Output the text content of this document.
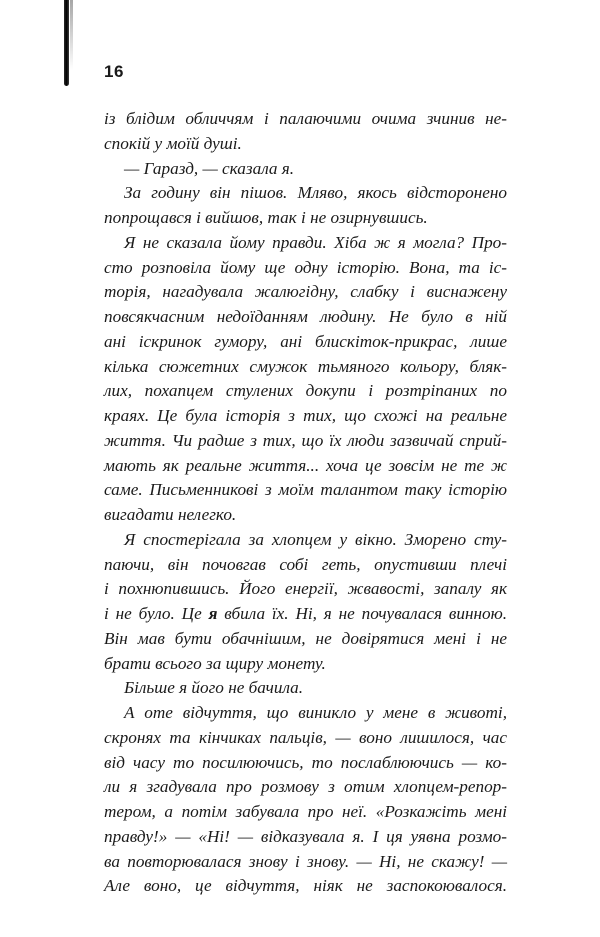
16
із блідим обличчям і палаючими очима зчинив не-
спокій у моїй душі.
— Гаразд, — сказала я.
За годину він пішов. Мляво, якось відсторонено
попрощався і вийшов, так і не озирнувшись.
Я не сказала йому правди. Хіба ж я могла? Про-
сто розповіла йому ще одну історію. Вона, та іс-
торія, нагадувала жалюгідну, слабку і виснажену
повсякчасним недоїданням людину. Не було в ній
ані іскринок гумору, ані блискіток-прикрас, лише
кілька сюжетних смужок тьмяного кольору, бляк-
лих, похапцем стулених докупи і розтріпаних по
краях. Це була історія з тих, що схожі на реальне
життя. Чи радше з тих, що їх люди зазвичай сприй-
мають як реальне життя... хоча це зовсім не те ж
саме. Письменникові з моїм талантом таку історію
вигадати нелегко.
Я спостерігала за хлопцем у вікно. Зморено сту-
паючи, він почовгав собі геть, опустивши плечі
і похнюпившись. Його енергії, жвавості, запалу як
і не було. Це я вбила їх. Ні, я не почувалася винною.
Він мав бути обачнішим, не довірятися мені і не
брати всього за щиру монету.
Більше я його не бачила.
А оте відчуття, що виникло у мене в животі,
скронях та кінчиках пальців, — воно лишилося, час
від часу то посилюючись, то послаблюючись — ко-
ли я згадувала про розмову з отим хлопцем-репор-
тером, а потім забувала про неї. «Розкажіть мені
правду!» — «Ні! — відказувала я. І ця уявна розмо-
ва повторювалася знову і знову. — Ні, не скажу! —
Але воно, це відчуття, ніяк не заспокоювалося.
